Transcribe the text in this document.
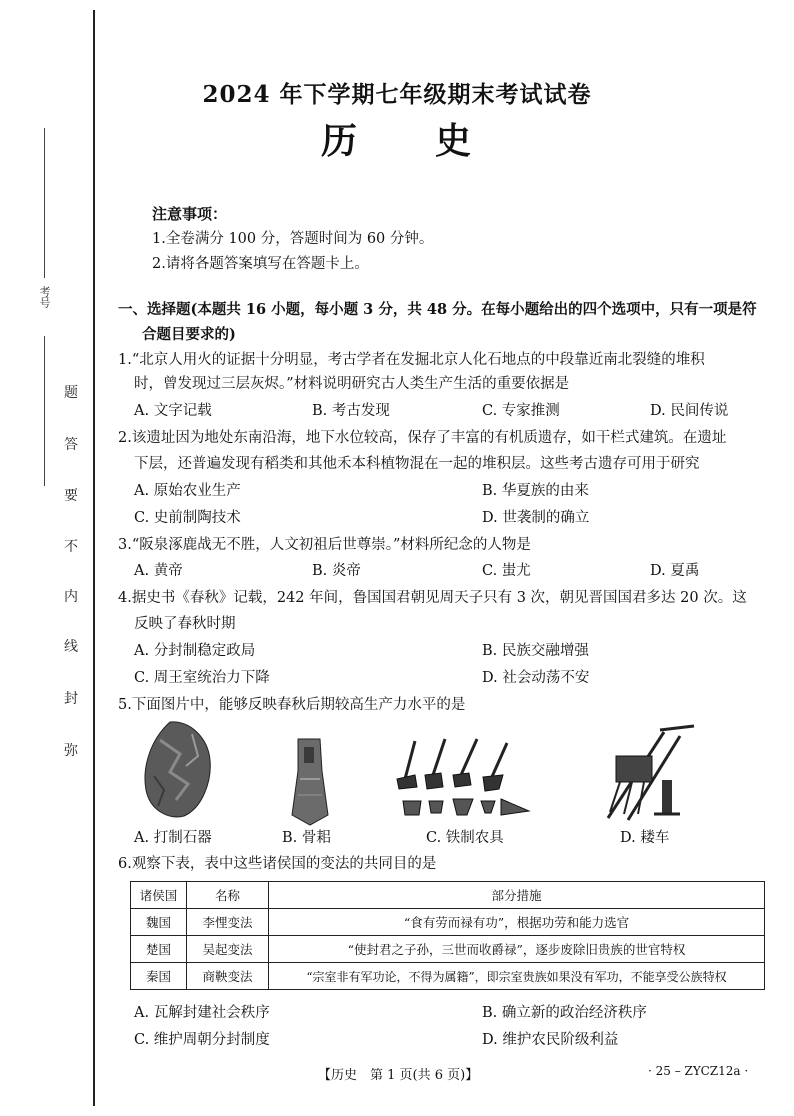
考号
弥
封
线
内
不
要
答
题
2024 年下学期七年级期末考试试卷
历　　史
注意事项：
1.全卷满分 100 分，答题时间为 60 分钟。
2.请将各题答案填写在答题卡上。
一、选择题(本题共 16 小题，每小题 3 分，共 48 分。在每小题给出的四个选项中，只有一项是符
合题目要求的)
1.“北京人用火的证据十分明显，考古学者在发掘北京人化石地点的中段靠近南北裂缝的堆积
时，曾发现过三层灰烬。”材料说明研究古人类生产生活的重要依据是
A. 文字记载	B. 考古发现	C. 专家推测	D. 民间传说
2.该遗址因为地处东南沿海，地下水位较高，保存了丰富的有机质遗存，如干栏式建筑。在遗址
下层，还普遍发现有稻类和其他禾本科植物混在一起的堆积层。这些考古遗存可用于研究
A. 原始农业生产	B. 华夏族的由来
C. 史前制陶技术	D. 世袭制的确立
3.“阪泉涿鹿战无不胜，人文初祖后世尊崇。”材料所纪念的人物是
A. 黄帝	B. 炎帝	C. 蚩尤	D. 夏禹
4.据史书《春秋》记载，242 年间，鲁国国君朝见周天子只有 3 次，朝见晋国国君多达 20 次。这
反映了春秋时期
A. 分封制稳定政局	B. 民族交融增强
C. 周王室统治力下降	D. 社会动荡不安
5.下面图片中，能够反映春秋后期较高生产力水平的是
A. 打制石器	B. 骨耜	C. 铁制农具	D. 耧车
6.观察下表，表中这些诸侯国的变法的共同目的是
诸侯国	名称	部分措施
魏国	李悝变法	“食有劳而禄有功”，根据功劳和能力选官
楚国	吴起变法	“使封君之子孙，三世而收爵禄”，逐步废除旧贵族的世官特权
秦国	商鞅变法	“宗室非有军功论，不得为属籍”，即宗室贵族如果没有军功，不能享受公族特权
A. 瓦解封建社会秩序	B. 确立新的政治经济秩序
C. 维护周朝分封制度	D. 维护农民阶级利益
【历史　第 1 页(共 6 页)】	· 25 – ZYCZ12a ·
